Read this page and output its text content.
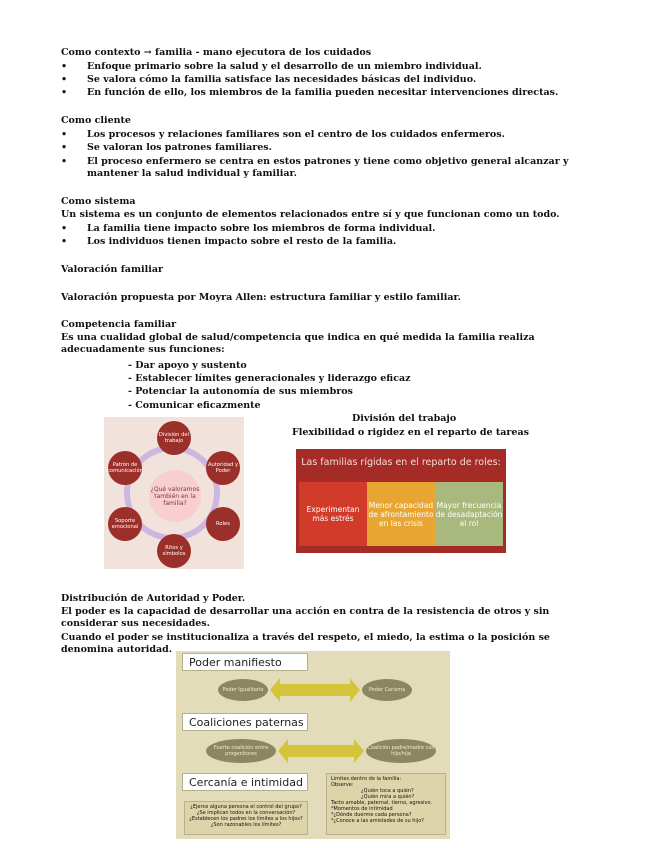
Como contexto → familia - mano ejecutora de los cuidados
• Enfoque primario sobre la salud y el desarrollo de un miembro individual.
• Se valora cómo la familia satisface las necesidades básicas del individuo.
• En función de ello, los miembros de la familia pueden necesitar intervenciones directas.
Como cliente
• Los procesos y relaciones familiares son el centro de los cuidados enfermeros.
• Se valoran los patrones familiares.
• El proceso enfermero se centra en estos patrones y tiene como objetivo general alcanzar y mantener la salud individual y familiar.
Como sistema
Un sistema es un conjunto de elementos relacionados entre sí y que funcionan como un todo.
• La familia tiene impacto sobre los miembros de forma individual.
• Los individuos tienen impacto sobre el resto de la familia.
Valoración familiar
Valoración propuesta por Moyra Allen: estructura familiar y estilo familiar.
Competencia familiar
Es una cualidad global de salud/competencia que indica en qué medida la familia realiza adecuadamente sus funciones:
- Dar apoyo y sustento
- Establecer límites generacionales y liderazgo eficaz
- Potenciar la autonomía de sus miembros
- Comunicar eficazmente
División del trabajo
Flexibilidad o rigidez en el reparto de tareas
¿Qué valoramos también en la familia?
División del trabajo
Autoridad y Poder
Roles
Ritos y símbolos
Soporte emocional
Patrón de comunicación
Las familias rígidas en el reparto de roles:
Experimentan más estrés
Menor capacidad de afrontamiento en las crisis
Mayor frecuencia de desadaptación al rol
Distribución de Autoridad y Poder.
El poder es la capacidad de desarrollar una acción en contra de la resistencia de otros y sin considerar sus necesidades.
Cuando el poder se institucionaliza a través del respeto, el miedo, la estima o la posición se denomina autoridad.
Poder manifiesto
Poder Igualitario	Poder Carisma
Coaliciones paternas
Fuerte coalición entre progenitores
Coalición padre/madre con hijo/hija
Cercanía e intimidad
¿Ejerce alguna persona el control del grupo?
¿Se implican todos en la conversación?
¿Establecen los padres los límites a los hijos?
¿Son razonables los límites?
Límites dentro de la familia:
Observe:
¿Quién toca a quién?
¿Quién mira a quién?
Tacto amable, paternal, tierno, agresivo.
*Momentos de intimidad
*¿Dónde duerme cada persona?
*¿Conoce a las amistades de su hijo?
